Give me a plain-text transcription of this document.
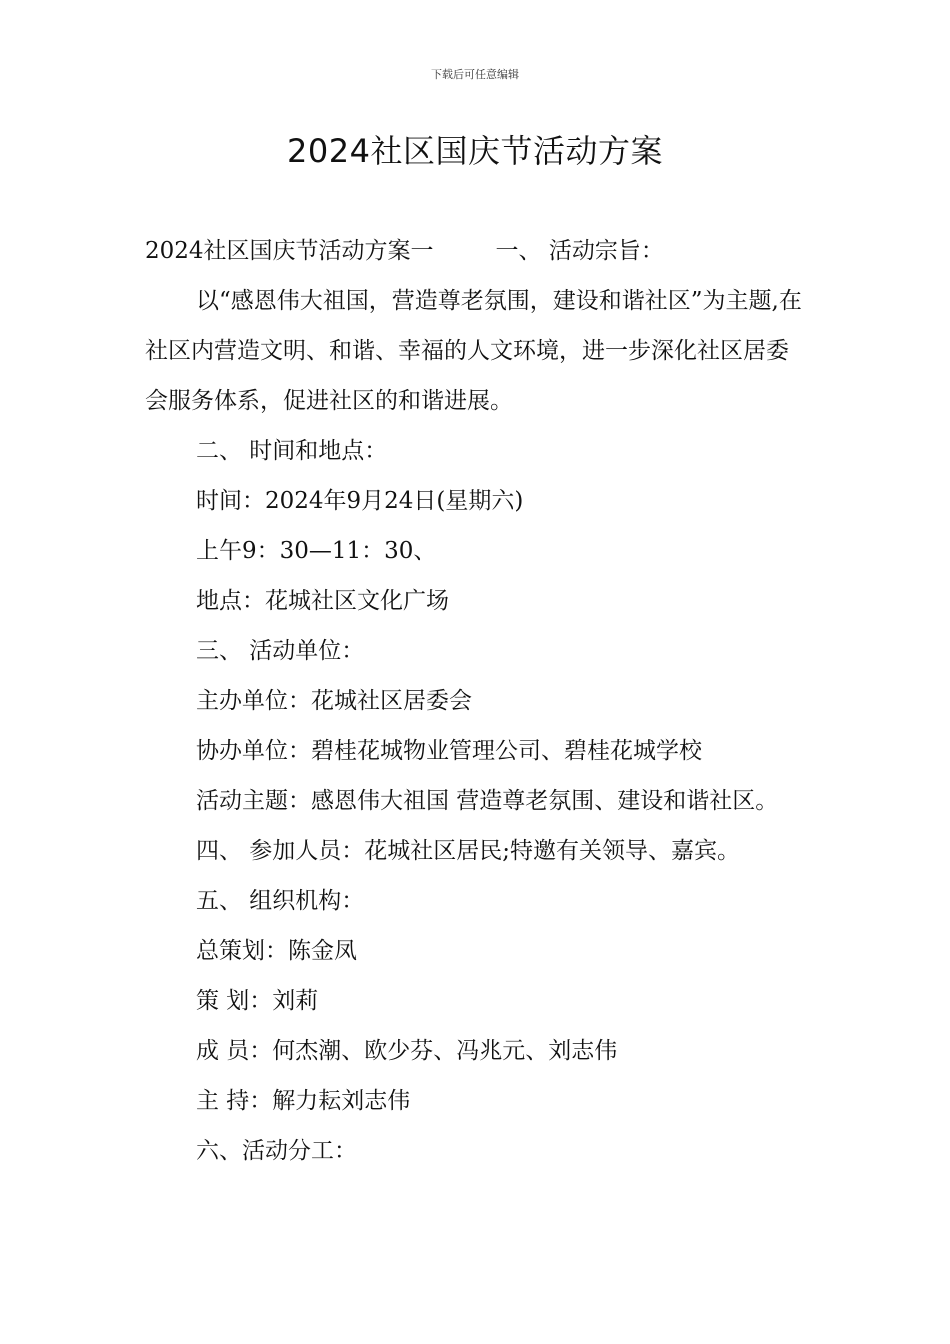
下载后可任意编辑
2024社区国庆节活动方案

2024社区国庆节活动方案一	一、 活动宗旨：

以“感恩伟大祖国，营造尊老氛围，建设和谐社区”为主题,在社区内营造文明、和谐、幸福的人文环境，进一步深化社区居委会服务体系，促进社区的和谐进展。

二、 时间和地点：

时间：2024年9月24日(星期六)

上午9：30—11：30、

地点：花城社区文化广场

三、 活动单位：

主办单位：花城社区居委会

协办单位：碧桂花城物业管理公司、碧桂花城学校

活动主题：感恩伟大祖国 营造尊老氛围、建设和谐社区。

四、 参加人员：花城社区居民;特邀有关领导、嘉宾。

五、 组织机构：

总策划：陈金凤

策 划：刘莉

成 员：何杰潮、欧少芬、冯兆元、刘志伟

主 持：解力耘刘志伟

六、活动分工：
